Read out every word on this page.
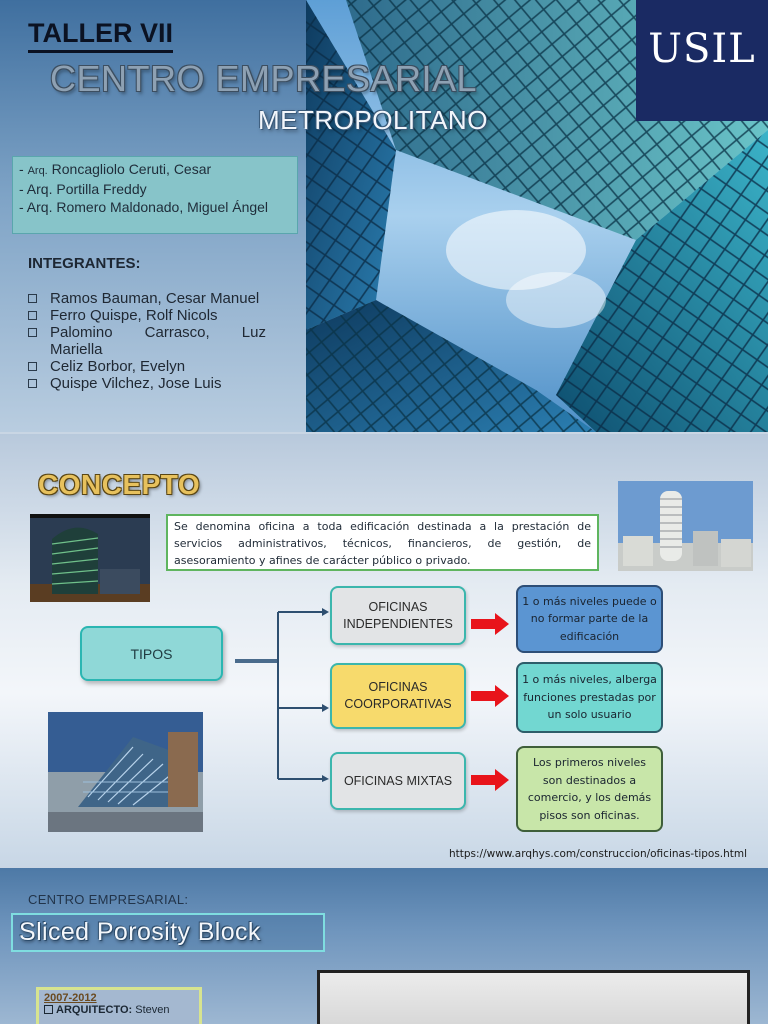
TALLER VII
CENTRO EMPRESARIAL
METROPOLITANO
USIL
- Arq. Roncagliolo Ceruti, Cesar
- Arq. Portilla Freddy
- Arq. Romero Maldonado, Miguel Ángel
INTEGRANTES:
Ramos Bauman, Cesar Manuel
Ferro Quispe, Rolf Nicols
Palomino Carrasco, Luz Mariella
Celiz Borbor, Evelyn
Quispe Vilchez, Jose Luis
CONCEPTO
Se denomina oficina a toda edificación destinada a la prestación de servicios administrativos, técnicos, financieros, de gestión, de asesoramiento y afines de carácter público o privado.
TIPOS
OFICINAS INDEPENDIENTES
OFICINAS COORPORATIVAS
OFICINAS MIXTAS
1 o más niveles puede o no formar parte de la edificación
1 o más niveles, alberga funciones prestadas por un solo usuario
Los primeros niveles son destinados a comercio, y los demás pisos son oficinas.
https://www.arqhys.com/construccion/oficinas-tipos.html
CENTRO EMPRESARIAL:
Sliced Porosity Block
2007-2012
ARQUITECTO: Steven
